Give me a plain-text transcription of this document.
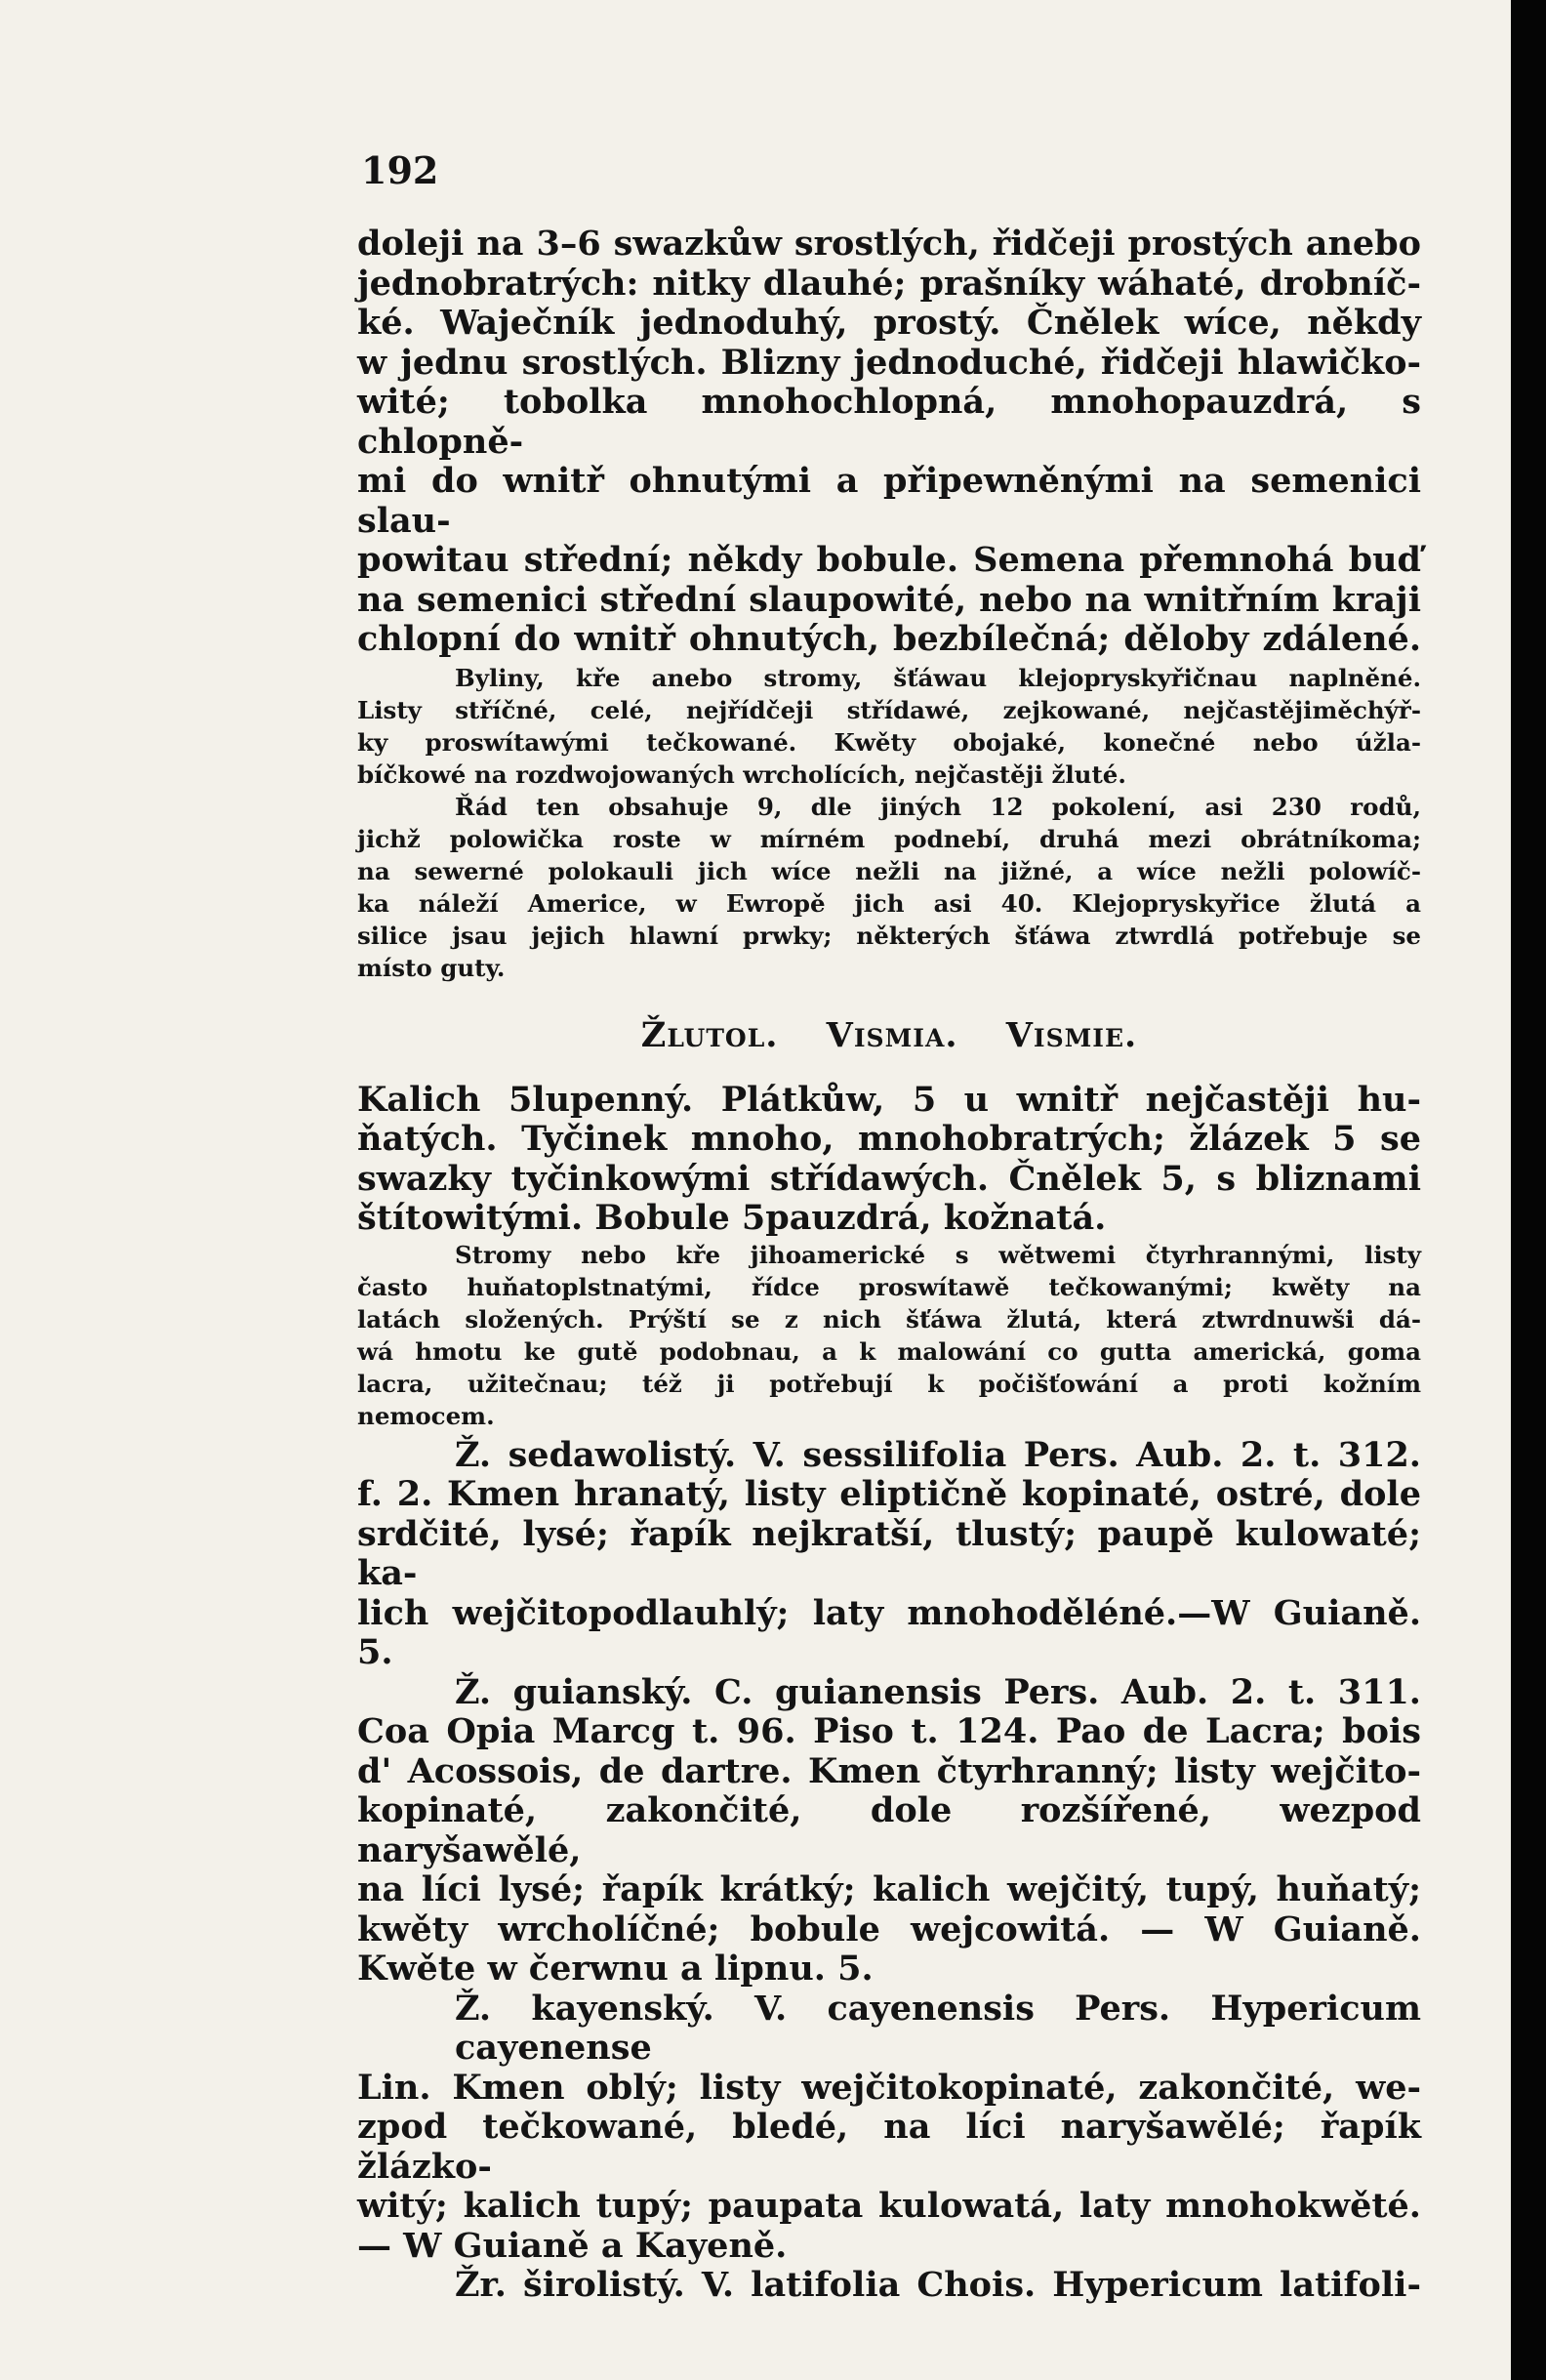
192

doleji na 3–6 swazkůw srostlých, řidčeji prostých anebo
jednobratrých: nitky dlauhé; prašníky wáhaté, drobníč-
ké. Waječník jednoduhý, prostý. Čnělek wíce, někdy
w jednu srostlých. Blizny jednoduché, řidčeji hlawičko-
wité; tobolka mnohochlopná, mnohopauzdrá, s chlopně-
mi do wnitř ohnutými a připewněnými na semenici slau-
powitau střední; někdy bobule. Semena přemnohá buď
na semenici střední slaupowité, nebo na wnitřním kraji
chlopní do wnitř ohnutých, bezbílečná; děloby zdálené.

Byliny, kře anebo stromy, šťáwau klejopryskyřičnau naplněné.
Listy stříčné, celé, nejřídčeji střídawé, zejkowané, nejčastějiměchýř-
ky proswítawými tečkowané. Kwěty obojaké, konečné nebo úžla-
bíčkowé na rozdwojowaných wrcholících, nejčastěji žluté.

Řád ten obsahuje 9, dle jiných 12 pokolení, asi 230 rodů,
jichž polowička roste w mírném podnebí, druhá mezi obrátníkoma;
na sewerné polokauli jich wíce nežli na jižné, a wíce nežli polowíč-
ka náleží Americe, w Ewropě jich asi 40. Klejopryskyřice žlutá a
silice jsau jejich hlawní prwky; některých šťáwa ztwrdlá potřebuje se
místo guty.

Žlutol. Vismia. Vismie.

Kalich 5lupenný. Plátkůw, 5 u wnitř nejčastěji hu-
ňatých. Tyčinek mnoho, mnohobratrých; žlázek 5 se
swazky tyčinkowými střídawých. Čnělek 5, s bliznami
štítowitými. Bobule 5pauzdrá, kožnatá.

Stromy nebo kře jihoamerické s wětwemi čtyrhrannými, listy
často huňatoplstnatými, řídce proswítawě tečkowanými; kwěty na
latách složených. Prýští se z nich šťáwa žlutá, která ztwrdnuwši dá-
wá hmotu ke gutě podobnau, a k malowání co gutta americká, goma
lacra, užitečnau; též ji potřebují k počišťowání a proti kožním
nemocem.

Ž. sedawolistý. V. sessilifolia Pers. Aub. 2. t. 312.
f. 2. Kmen hranatý, listy eliptičně kopinaté, ostré, dole
srdčité, lysé; řapík nejkratší, tlustý; paupě kulowaté; ka-
lich wejčitopodlauhlý; laty mnohoděléné.—W Guianě. 5.

Ž. guianský. C. guianensis Pers. Aub. 2. t. 311.
Coa Opia Marcg t. 96. Piso t. 124. Pao de Lacra; bois
d' Acossois, de dartre. Kmen čtyrhranný; listy wejčito-
kopinaté, zakončité, dole rozšířené, wezpod naryšawělé,
na líci lysé; řapík krátký; kalich wejčitý, tupý, huňatý;
kwěty wrcholíčné; bobule wejcowitá. — W Guianě.
Kwěte w čerwnu a lipnu. 5.

Ž. kayenský. V. cayenensis Pers. Hypericum cayenense
Lin. Kmen oblý; listy wejčitokopinaté, zakončité, we-
zpod tečkowané, bledé, na líci naryšawělé; řapík žlázko-
witý; kalich tupý; paupata kulowatá, laty mnohokwěté.
— W Guianě a Kayeně.

Žr. širolistý. V. latifolia Chois. Hypericum latifoli-
